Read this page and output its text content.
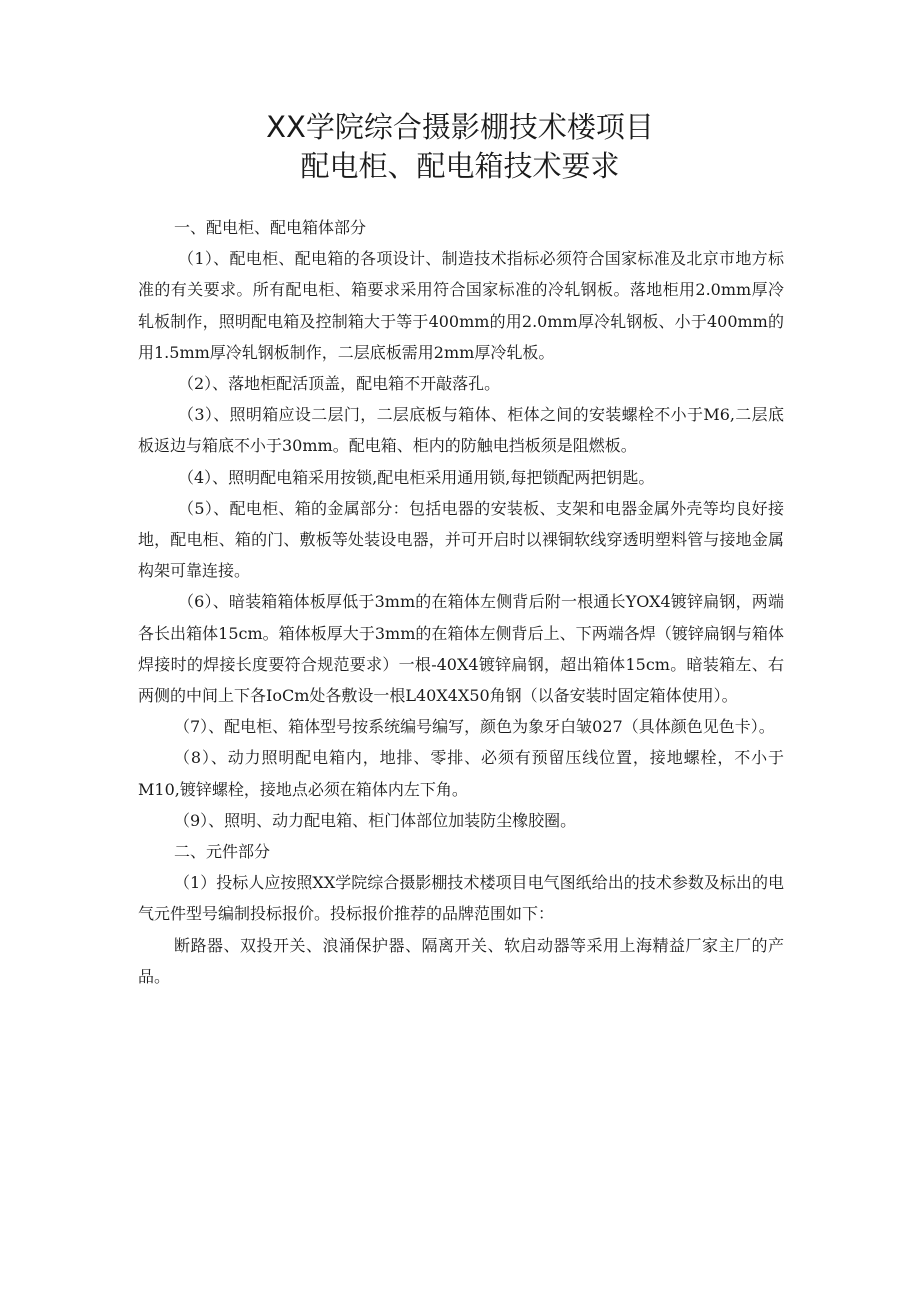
XX学院综合摄影棚技术楼项目
配电柜、配电箱技术要求

一、配电柜、配电箱体部分

（1）、配电柜、配电箱的各项设计、制造技术指标必须符合国家标准及北京市地方标准的有关要求。所有配电柜、箱要求采用符合国家标准的冷轧钢板。落地柜用2.0mm厚冷轧板制作，照明配电箱及控制箱大于等于400mm的用2.0mm厚冷轧钢板、小于400mm的用1.5mm厚冷轧钢板制作，二层底板需用2mm厚冷轧板。

（2）、落地柜配活顶盖，配电箱不开敲落孔。

（3）、照明箱应设二层门，二层底板与箱体、柜体之间的安装螺栓不小于M6,二层底板返边与箱底不小于30mm。配电箱、柜内的防触电挡板须是阻燃板。

（4）、照明配电箱采用按锁,配电柜采用通用锁,每把锁配两把钥匙。

（5）、配电柜、箱的金属部分：包括电器的安装板、支架和电器金属外壳等均良好接地，配电柜、箱的门、敷板等处装设电器，并可开启时以裸铜软线穿透明塑料管与接地金属构架可靠连接。

（6）、暗装箱箱体板厚低于3mm的在箱体左侧背后附一根通长YOX4镀锌扁钢，两端各长出箱体15cm。箱体板厚大于3mm的在箱体左侧背后上、下两端各焊（镀锌扁钢与箱体焊接时的焊接长度要符合规范要求）一根-40X4镀锌扁钢，超出箱体15cm。暗装箱左、右两侧的中间上下各IoCm处各敷设一根L40X4X50角钢（以备安装时固定箱体使用）。

（7）、配电柜、箱体型号按系统编号编写，颜色为象牙白皱027（具体颜色见色卡）。

（8）、动力照明配电箱内，地排、零排、必须有预留压线位置，接地螺栓，不小于M10,镀锌螺栓，接地点必须在箱体内左下角。

（9）、照明、动力配电箱、柜门体部位加装防尘橡胶圈。

二、元件部分

（1）投标人应按照XX学院综合摄影棚技术楼项目电气图纸给出的技术参数及标出的电气元件型号编制投标报价。投标报价推荐的品牌范围如下：

断路器、双投开关、浪涌保护器、隔离开关、软启动器等采用上海精益厂家主厂的产品。
